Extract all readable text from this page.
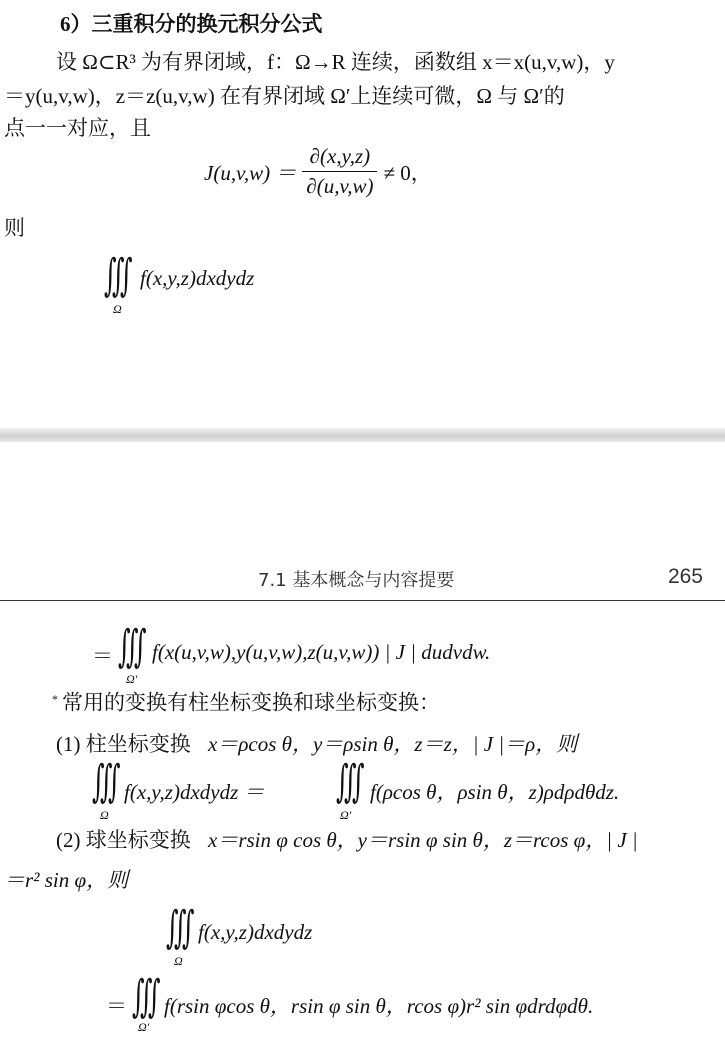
6）三重积分的换元积分公式
设 Ω⊂R³ 为有界闭域，f：Ω→R 连续，函数组 x＝x(u,v,w)，y
＝y(u,v,w)，z＝z(u,v,w) 在有界闭域 Ω′上连续可微，Ω 与 Ω′的
点一一对应，且
$J(u,v,w) = \frac{\partial(x,y,z)}{\partial(u,v,w)} \ne 0$，
则
∭
Ω
f(x,y,z)dxdydz
7.1 基本概念与内容提要	265
＝ ∭
Ω′
f(x(u,v,w),y(u,v,w),z(u,v,w)) | J | dudvdw.
* 常用的变换有柱坐标变换和球坐标变换：
(1) 柱坐标变换 x＝ρcos θ，y＝ρsin θ，z＝z，| J |＝ρ，则
∭
Ω
f(x,y,z)dxdydz ＝ ∭
Ω′
f(ρcos θ，ρsin θ，z)ρdρdθdz.
(2) 球坐标变换 x＝rsin φ cos θ，y＝rsin φ sin θ，z＝rcos φ，| J |
＝r² sin φ，则
∭
Ω
f(x,y,z)dxdydz
＝ ∭
Ω′
f(rsin φcos θ，rsin φ sin θ，rcos φ)r² sin φdrdφdθ.
